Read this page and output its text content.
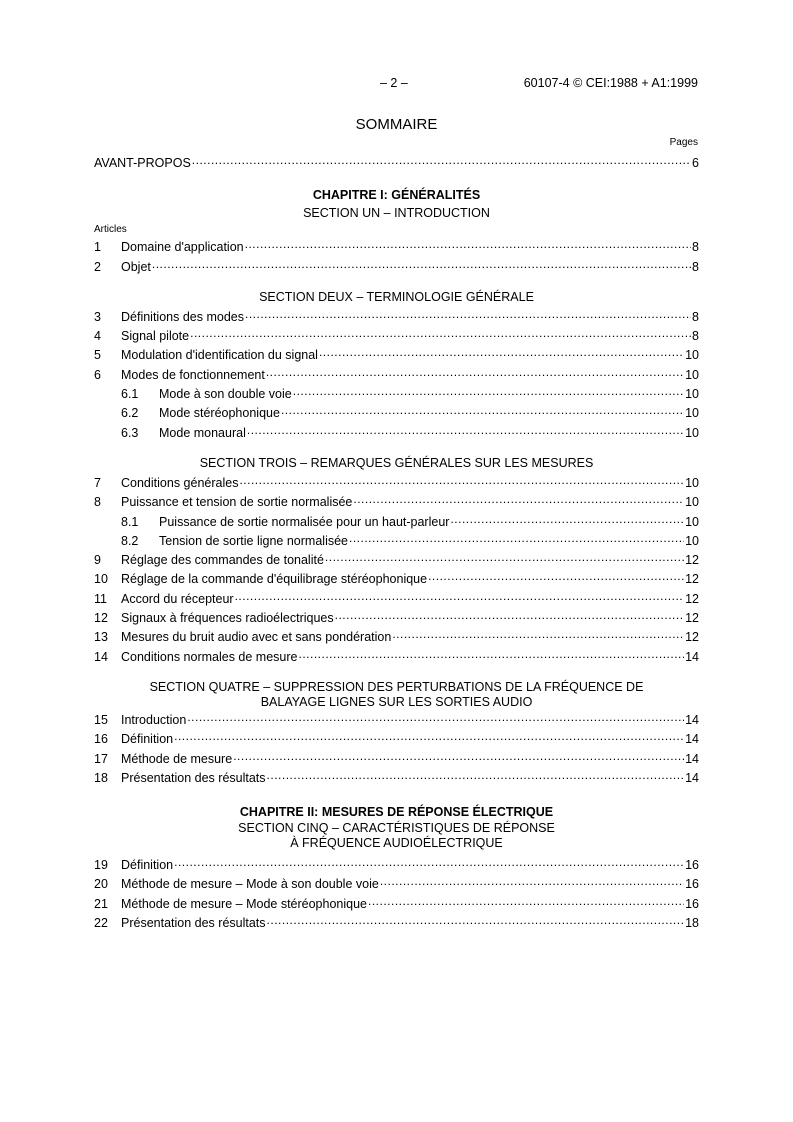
– 2 –	60107-4 © CEI:1988 + A1:1999
SOMMAIRE
Pages
AVANT-PROPOS .....	6
CHAPITRE I: GÉNÉRALITÉS
SECTION UN – INTRODUCTION
Articles
1	Domaine d'application .....	8
2	Objet .....	8
SECTION DEUX – TERMINOLOGIE GÉNÉRALE
3	Définitions des modes .....	8
4	Signal pilote .....	8
5	Modulation d'identification du signal .....	10
6	Modes de fonctionnement .....	10
6.1	Mode à son double voie .....	10
6.2	Mode stéréophonique .....	10
6.3	Mode monaural .....	10
SECTION TROIS – REMARQUES GÉNÉRALES SUR LES MESURES
7	Conditions générales .....	10
8	Puissance et tension de sortie normalisée .....	10
8.1	Puissance de sortie normalisée pour un haut-parleur .....	10
8.2	Tension de sortie ligne normalisée .....	10
9	Réglage des commandes de tonalité .....	12
10	Réglage de la commande d'équilibrage stéréophonique .....	12
11	Accord du récepteur .....	12
12	Signaux à fréquences radioélectriques .....	12
13	Mesures du bruit audio avec et sans pondération .....	12
14	Conditions normales de mesure .....	14
SECTION QUATRE – SUPPRESSION DES PERTURBATIONS DE LA FRÉQUENCE DE
BALAYAGE LIGNES SUR LES SORTIES AUDIO
15	Introduction .....	14
16	Définition .....	14
17	Méthode de mesure .....	14
18	Présentation des résultats .....	14
CHAPITRE II: MESURES DE RÉPONSE ÉLECTRIQUE
SECTION CINQ – CARACTÉRISTIQUES DE RÉPONSE
À FRÉQUENCE AUDIOÉLECTRIQUE
19	Définition .....	16
20	Méthode de mesure – Mode à son double voie .....	16
21	Méthode de mesure – Mode stéréophonique .....	16
22	Présentation des résultats .....	18
